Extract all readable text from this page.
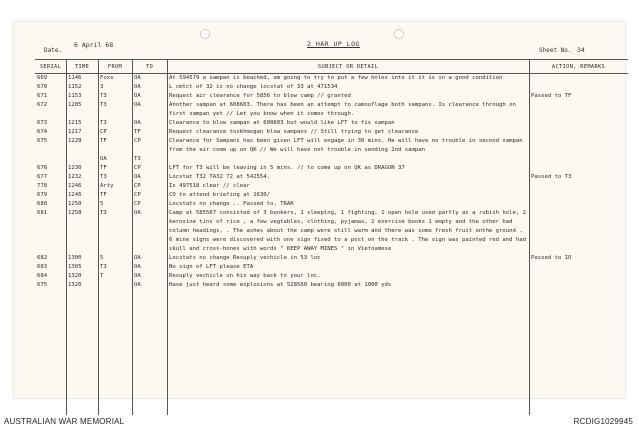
Date.
6 April 68	2 HAR UP LOG
Sheet No. 34
SERIAL	TIME	FROM	TO	SUBJECT OR DETAIL	ACTION, REMARKS
669	1146	Foxs	OA	At 594579 a sampan is beached, am going to try to put a few holes into it it is in a good condition	
670	1152	3	OA	L cmtct of 32 is no change locstat of 33 at 471534	
671	1153	T3	OA	Request air clearance for 5856 to blow camp // granted	Passed to TF
672	1205	T3	OA	Another sampan at 608603. There has been an attempt to camouflage both sampans. Is clearance through on first sampan yet // Let you know when it comes through.	
673	1215	T3	OA	Clearance to blow sampan at 608603 but would like LFT to fix sampan	
674	1217	CP	TF	Request clearance toxkhmogan blow sampans // Still trying to get clearance	
675	1228	TF	CP	Clearance for Sampans has been given LFT will engage in 30 mins. He will have no trouble in second sampan from the air come up on QK // We will have not trouble in sending 2nd sampan	
		OA	T3		
676	1230	TF	CP	LFT for T3 will be leaving in 5 mins. // to come up on QK as DRAGON 37	
677	1232	T3	OA	Locstat T32 TA32 72 at 542554.	Passed to T3
778	1246	Arty	CP	Is 497518 clear // clear	
679	1246	TF	CP	CO to attend briefing at 1630/	
680	1250	5	CP	Locstats no change .. Passed to, TRAR	
681	1258	T3	OA	Camp at 585567 consisted of 3 bunkers, 1 sleeping, 1 fighting, 1 open hole used partly as a rubish hole, 2 kerosine tins of rice , a few vegtables, clothing, pyjamas, 2 exercise books 1 empty and the other had column headings, . The ashes about the camp were still warm and there was some fresh fruit onthe ground . 6 mine signs were discovered with one sign fixed to a post on the track . The sign was painted red and had skull and cross-bones with words " KEEP AWAY MINES " in Vietnamese	
682	1300	5	OA	Locstats no change Resuply vechicle in 53 loc	Passed to IO
683	1305	T3	OA	No sign of LFT please ETA	
684	1320	T	OA	Resuply vechicle on his way back to your loc.	
675	1320		OA	Have just heard some explosions at 528560 bearing 6000 at 1000 yds	
AUSTRALIAN WAR MEMORIAL	RCDIG1029945
